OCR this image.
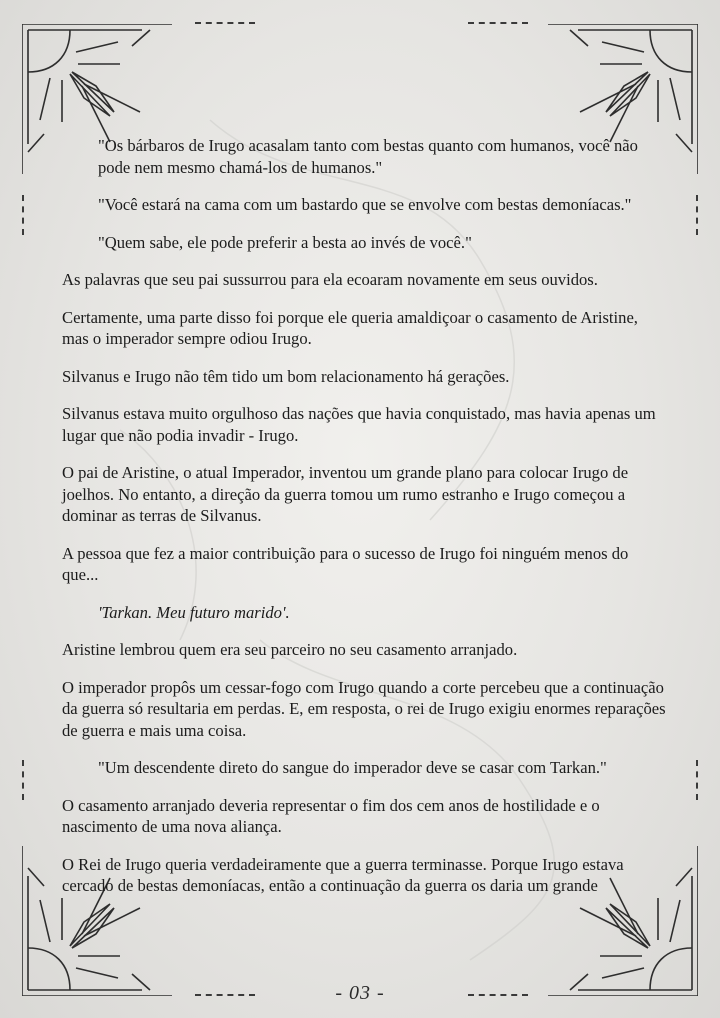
"Os bárbaros de Irugo acasalam tanto com bestas quanto com humanos, você não pode nem mesmo chamá-los de humanos."

"Você estará na cama com um bastardo que se envolve com bestas demoníacas."

"Quem sabe, ele pode preferir a besta ao invés de você."

As palavras que seu pai sussurrou para ela ecoaram novamente em seus ouvidos.

Certamente, uma parte disso foi porque ele queria amaldiçoar o casamento de Aristine, mas o imperador sempre odiou Irugo.

Silvanus e Irugo não têm tido um bom relacionamento há gerações.

Silvanus estava muito orgulhoso das nações que havia conquistado, mas havia apenas um lugar que não podia invadir - Irugo.

O pai de Aristine, o atual Imperador, inventou um grande plano para colocar Irugo de joelhos. No entanto, a direção da guerra tomou um rumo estranho e Irugo começou a dominar as terras de Silvanus.

A pessoa que fez a maior contribuição para o sucesso de Irugo foi ninguém menos do que...

'Tarkan. Meu futuro marido'.

Aristine lembrou quem era seu parceiro no seu casamento arranjado.

O imperador propôs um cessar-fogo com Irugo quando a corte percebeu que a continuação da guerra só resultaria em perdas. E, em resposta, o rei de Irugo exigiu enormes reparações de guerra e mais uma coisa.

"Um descendente direto do sangue do imperador deve se casar com Tarkan."

O casamento arranjado deveria representar o fim dos cem anos de hostilidade e o nascimento de uma nova aliança.

O Rei de Irugo queria verdadeiramente que a guerra terminasse. Porque Irugo estava cercado de bestas demoníacas, então a continuação da guerra os daria um grande

- 03 -
